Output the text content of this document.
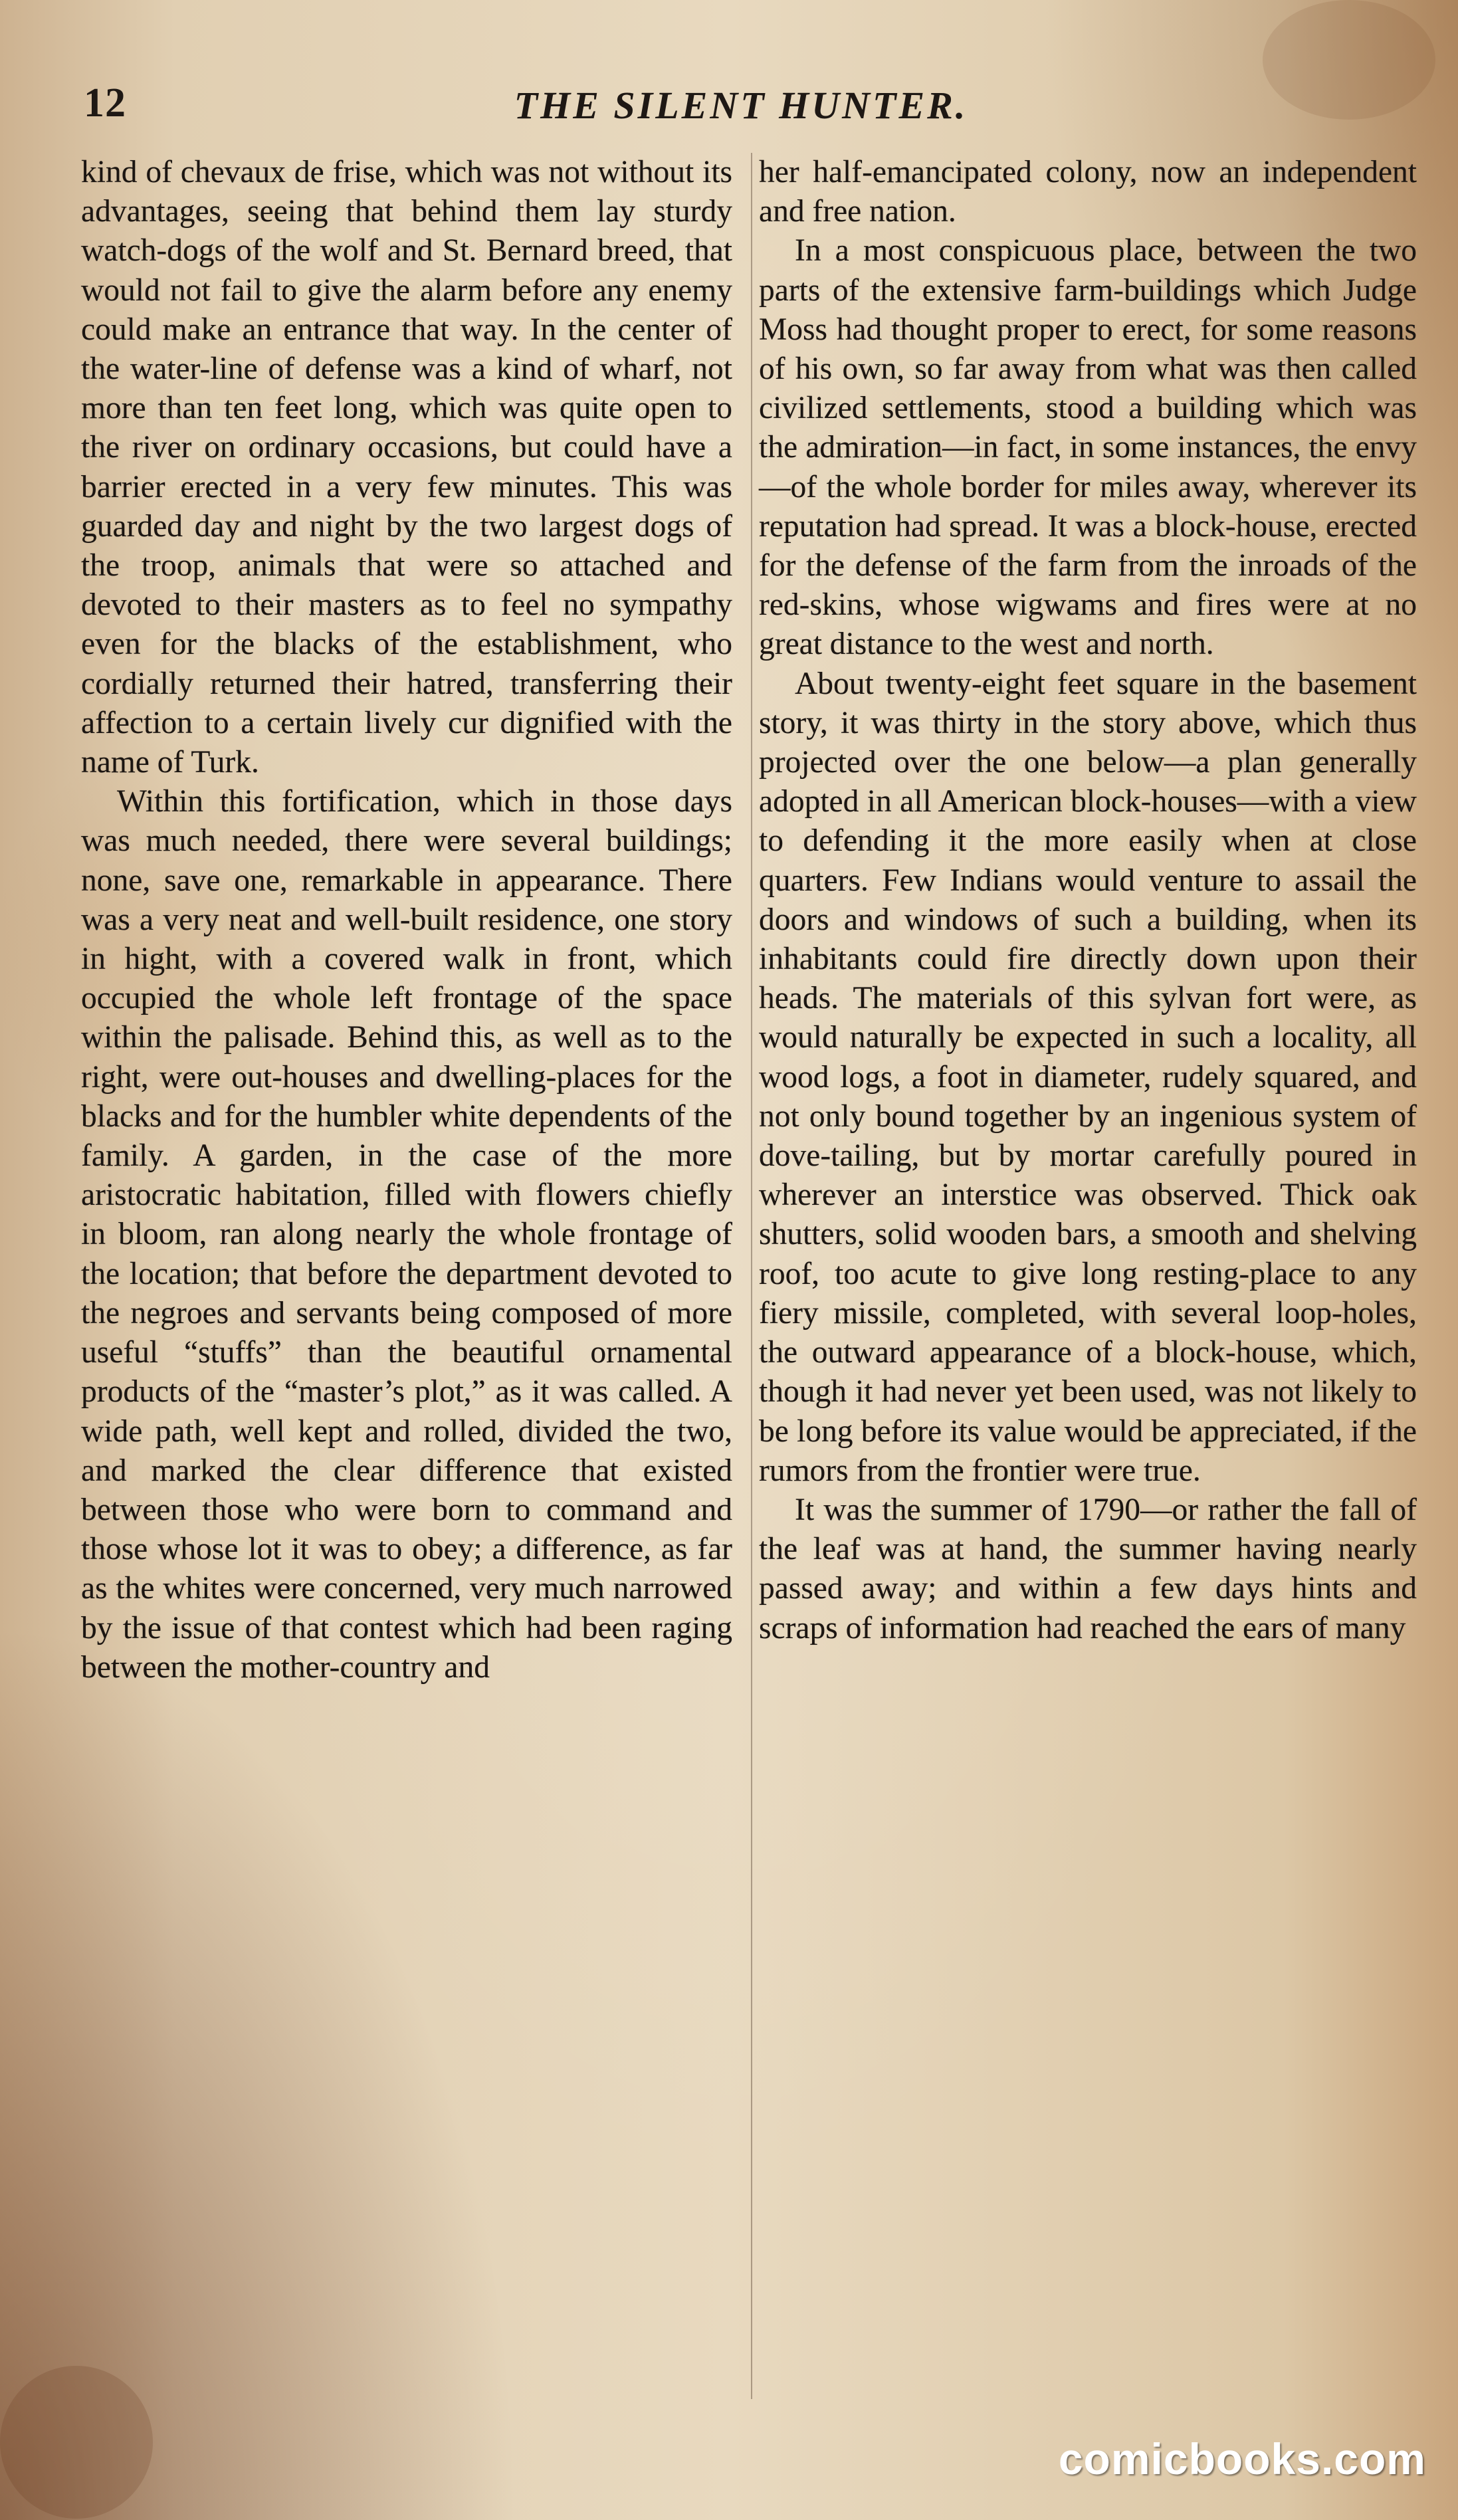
12	THE SILENT HUNTER.

kind of chevaux de frise, which was not without its advantages, seeing that behind them lay sturdy watch-dogs of the wolf and St. Bernard breed, that would not fail to give the alarm before any enemy could make an entrance that way. In the center of the water-line of defense was a kind of wharf, not more than ten feet long, which was quite open to the river on ordinary occasions, but could have a barrier erected in a very few minutes. This was guarded day and night by the two largest dogs of the troop, animals that were so attached and devoted to their masters as to feel no sympathy even for the blacks of the establishment, who cordially returned their hatred, transferring their affection to a certain lively cur dignified with the name of Turk.

Within this fortification, which in those days was much needed, there were several buildings; none, save one, remarkable in appearance. There was a very neat and well-built residence, one story in hight, with a covered walk in front, which occupied the whole left frontage of the space within the palisade. Behind this, as well as to the right, were out-houses and dwelling-places for the blacks and for the humbler white dependents of the family. A garden, in the case of the more aristocratic habitation, filled with flowers chiefly in bloom, ran along nearly the whole frontage of the location; that before the department devoted to the negroes and servants being composed of more useful “stuffs” than the beautiful ornamental products of the “master’s plot,” as it was called. A wide path, well kept and rolled, divided the two, and marked the clear difference that existed between those who were born to command and those whose lot it was to obey; a difference, as far as the whites were concerned, very much narrowed by the issue of that contest which had been raging between the mother-country and

her half-emancipated colony, now an independent and free nation.

In a most conspicuous place, between the two parts of the extensive farm-buildings which Judge Moss had thought proper to erect, for some reasons of his own, so far away from what was then called civilized settlements, stood a building which was the admiration—in fact, in some instances, the envy—of the whole border for miles away, wherever its reputation had spread. It was a block-house, erected for the defense of the farm from the inroads of the red-skins, whose wigwams and fires were at no great distance to the west and north.

About twenty-eight feet square in the basement story, it was thirty in the story above, which thus projected over the one below—a plan generally adopted in all American block-houses—with a view to defending it the more easily when at close quarters. Few Indians would venture to assail the doors and windows of such a building, when its inhabitants could fire directly down upon their heads. The materials of this sylvan fort were, as would naturally be expected in such a locality, all wood logs, a foot in diameter, rudely squared, and not only bound together by an ingenious system of dove-tailing, but by mortar carefully poured in wherever an interstice was observed. Thick oak shutters, solid wooden bars, a smooth and shelving roof, too acute to give long resting-place to any fiery missile, completed, with several loop-holes, the outward appearance of a block-house, which, though it had never yet been used, was not likely to be long before its value would be appreciated, if the rumors from the frontier were true.

It was the summer of 1790—or rather the fall of the leaf was at hand, the summer having nearly passed away; and within a few days hints and scraps of information had reached the ears of many

comicbooks.com
